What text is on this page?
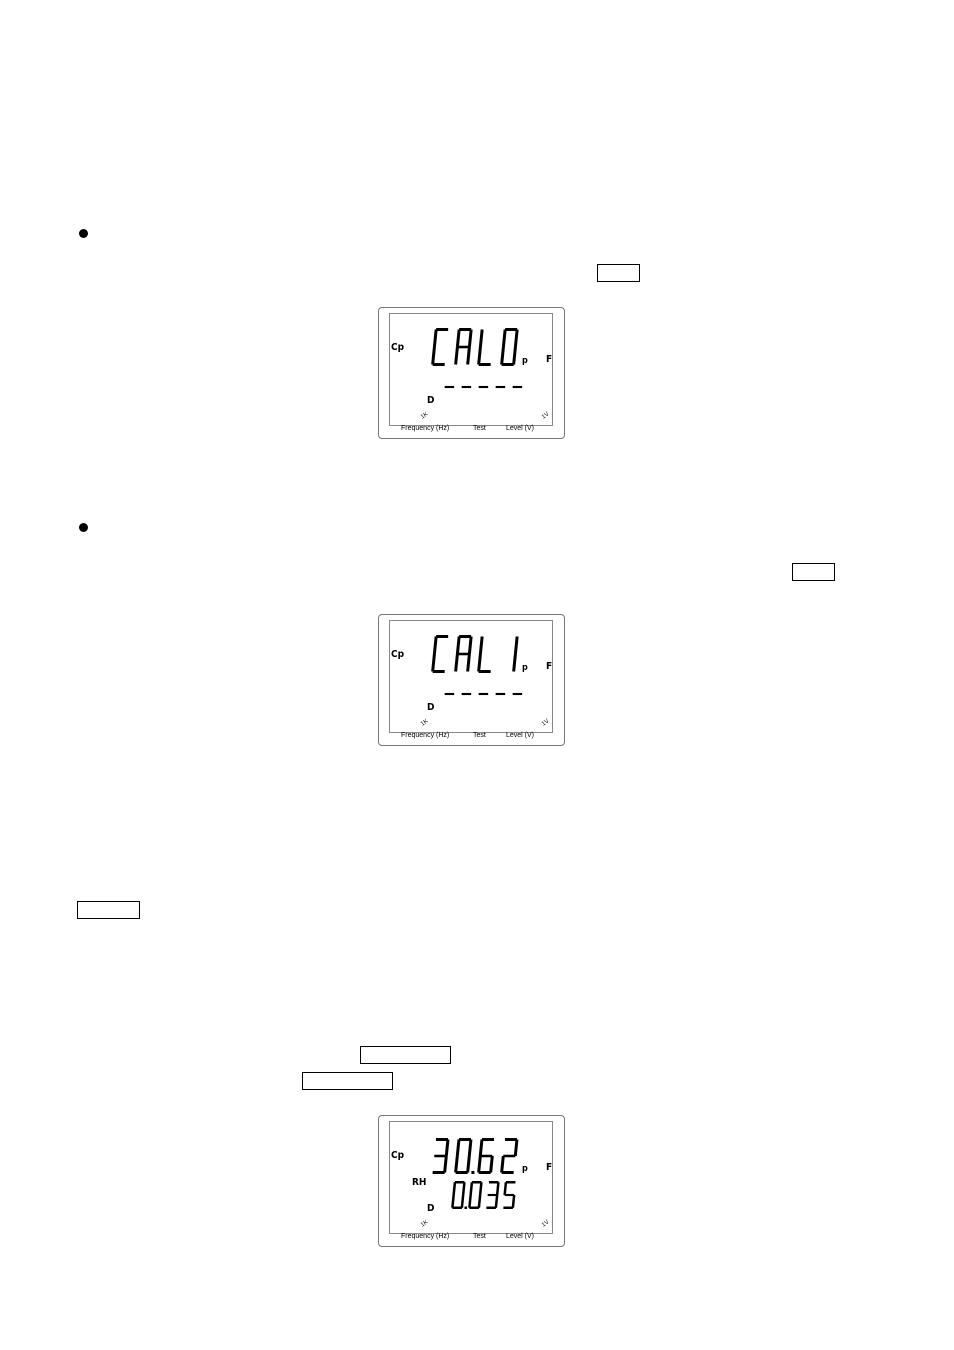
Cp
p F
D
1K	1V
Frequency (Hz)	Test	Level (V)
Cp
p F
D
1K	1V
Frequency (Hz)	Test	Level (V)
Cp
p F
RH
D
1K	1V
Frequency (Hz)	Test	Level (V)
